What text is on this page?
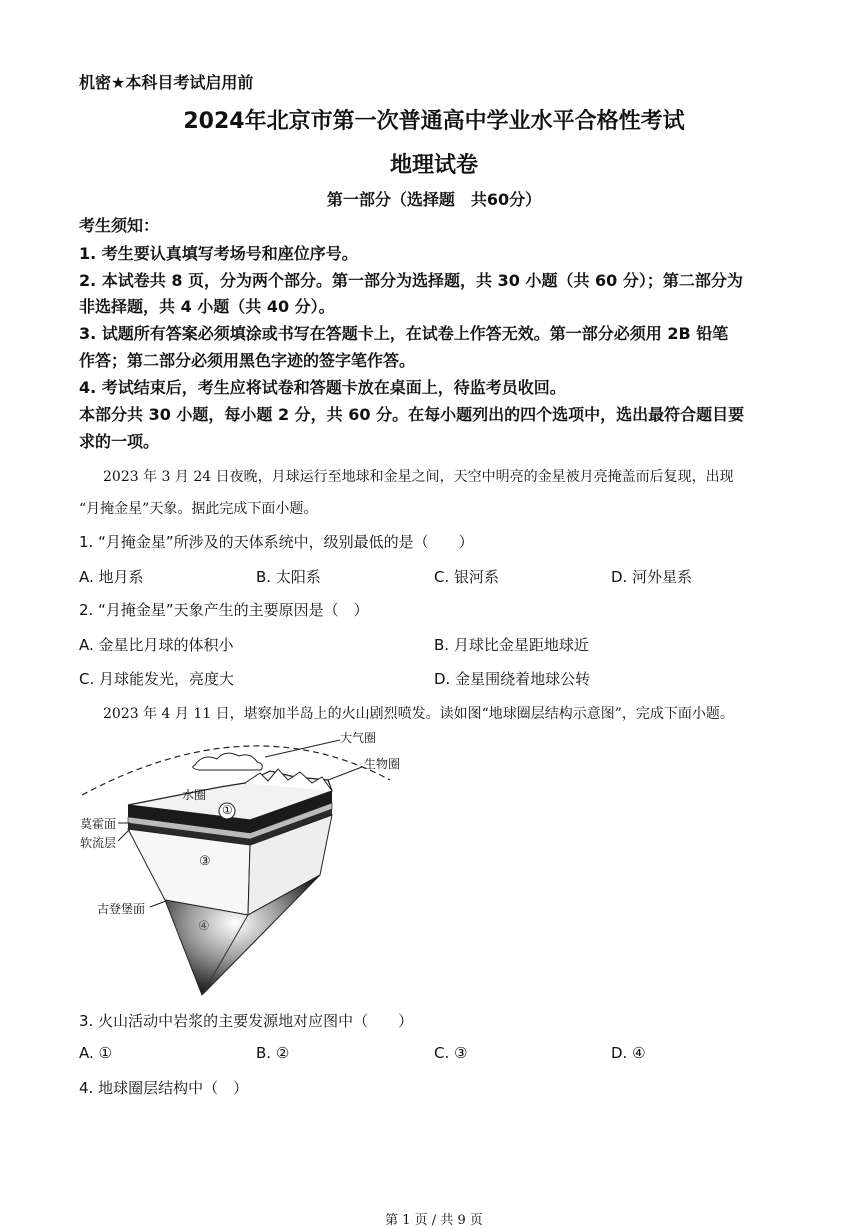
机密★本科目考试启用前
2024年北京市第一次普通高中学业水平合格性考试
地理试卷
第一部分（选择题　共60分）
考生须知：
1. 考生要认真填写考场号和座位序号。
2. 本试卷共 8 页，分为两个部分。第一部分为选择题，共 30 小题（共 60 分）；第二部分为
非选择题，共 4 小题（共 40 分）。
3. 试题所有答案必须填涂或书写在答题卡上，在试卷上作答无效。第一部分必须用 2B 铅笔
作答；第二部分必须用黑色字迹的签字笔作答。
4. 考试结束后，考生应将试卷和答题卡放在桌面上，待监考员收回。
本部分共 30 小题，每小题 2 分，共 60 分。在每小题列出的四个选项中，选出最符合题目要
求的一项。
2023 年 3 月 24 日夜晚，月球运行至地球和金星之间，天空中明亮的金星被月亮掩盖而后复现，出现
“月掩金星”天象。据此完成下面小题。
1. “月掩金星”所涉及的天体系统中，级别最低的是（　　）
A. 地月系	B. 太阳系	C. 银河系	D. 河外星系
2. “月掩金星”天象产生的主要原因是（　）
A. 金星比月球的体积小	B. 月球比金星距地球近
C. 月球能发光，亮度大	D. 金星围绕着地球公转
2023 年 4 月 11 日，堪察加半岛上的火山剧烈喷发。读如图“地球圈层结构示意图”，完成下面小题。
大气圈
生物圈
水圈
①
莫霍面
软流层
③
古登堡面
④
3. 火山活动中岩浆的主要发源地对应图中（　　）
A. ①	B. ②	C. ③	D. ④
4. 地球圈层结构中（　）
第 1 页 / 共 9 页
